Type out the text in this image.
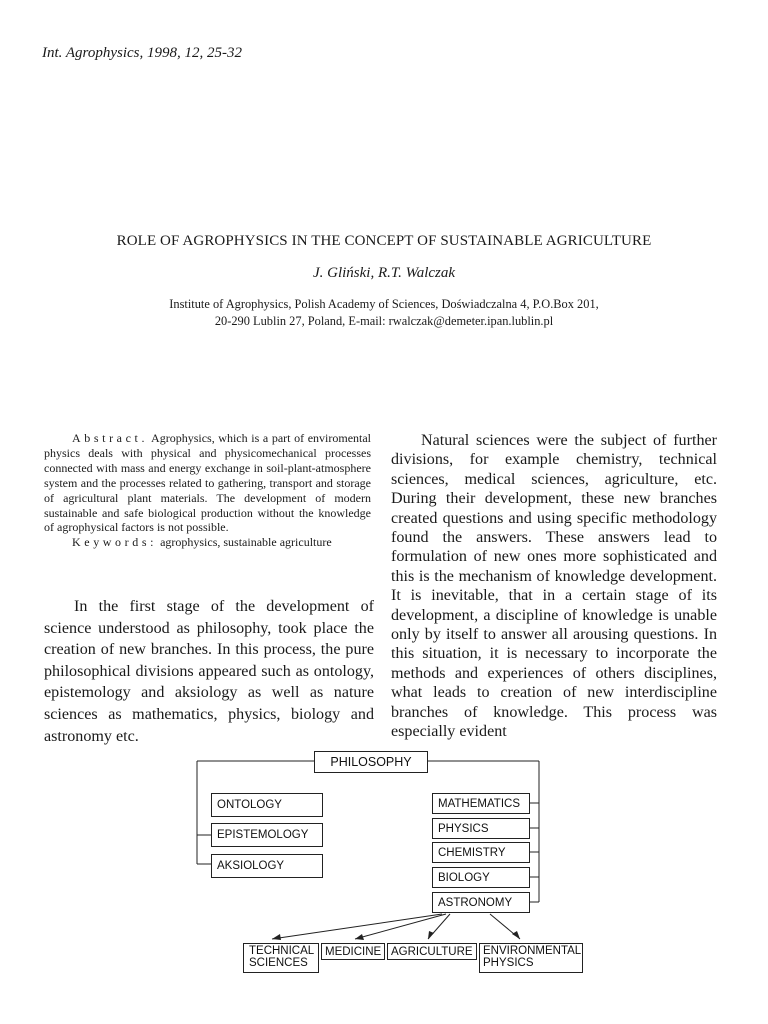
Int. Agrophysics, 1998, 12, 25-32
ROLE OF AGROPHYSICS IN THE CONCEPT OF SUSTAINABLE AGRICULTURE
J. Gliński, R.T. Walczak
Institute of Agrophysics, Polish Academy of Sciences, Doświadczalna 4, P.O.Box 201,
20-290 Lublin 27, Poland, E-mail: rwalczak@demeter.ipan.lublin.pl

Abstract. Agrophysics, which is a part of enviromental physics deals with physical and physicomechanical processes connected with mass and energy exchange in soil-plant-atmosphere system and the processes related to gathering, transport and storage of agricultural plant materials. The development of modern sustainable and safe biological production without the knowledge of agrophysical factors is not possible.

Keywords: agrophysics, sustainable agriculture

In the first stage of the development of science understood as philosophy, took place the creation of new branches. In this process, the pure philosophical divisions appeared such as ontology, epistemology and aksiology as well as nature sciences as mathematics, physics, biology and astronomy etc.

Natural sciences were the subject of further divisions, for example chemistry, technical sciences, medical sciences, agriculture, etc. During their development, these new branches created questions and using specific methodology found the answers. These answers lead to formulation of new ones more sophisticated and this is the mechanism of knowledge development. It is inevitable, that in a certain stage of its development, a discipline of knowledge is unable only by itself to answer all arousing questions. In this situation, it is necessary to incorporate the methods and experiences of others disciplines, what leads to creation of new interdiscipline branches of knowledge. This process was especially evident

PHILOSOPHY
ONTOLOGY
EPISTEMOLOGY
AKSIOLOGY
MATHEMATICS
PHYSICS
CHEMISTRY
BIOLOGY
ASTRONOMY
TECHNICAL
SCIENCES
MEDICINE AGRICULTURE ENVIRONMENTAL
PHYSICS
